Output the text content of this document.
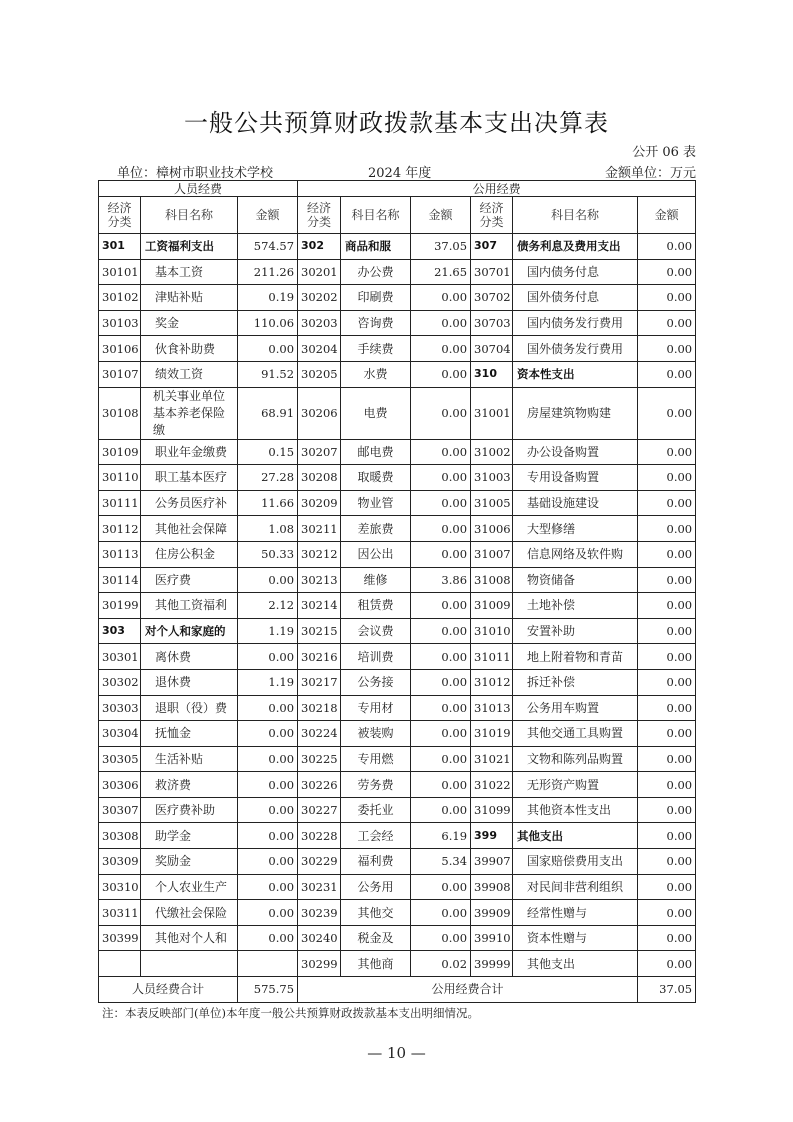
一般公共预算财政拨款基本支出决算表
公开 06 表
单位：樟树市职业技术学校	2024 年度	金额单位：万元
人员经费			公用经费					
经济
分类	科目名称	金额	经济
分类	科目名称	金额	经济
分类	科目名称	金额
301	工资福利支出	574.57	302	商品和服	37.05	307	债务利息及费用支出	0.00
30101	基本工资	211.26	30201	办公费	21.65	30701	国内债务付息	0.00
30102	津贴补贴	0.19	30202	印刷费	0.00	30702	国外债务付息	0.00
30103	奖金	110.06	30203	咨询费	0.00	30703	国内债务发行费用	0.00
30106	伙食补助费	0.00	30204	手续费	0.00	30704	国外债务发行费用	0.00
30107	绩效工资	91.52	30205	水费	0.00	310	资本性支出	0.00
30108	机关事业单位
基本养老保险缴	68.91	30206	电费	0.00	31001	房屋建筑物购建	0.00
30109	职业年金缴费	0.15	30207	邮电费	0.00	31002	办公设备购置	0.00
30110	职工基本医疗	27.28	30208	取暖费	0.00	31003	专用设备购置	0.00
30111	公务员医疗补	11.66	30209	物业管	0.00	31005	基础设施建设	0.00
30112	其他社会保障	1.08	30211	差旅费	0.00	31006	大型修缮	0.00
30113	住房公积金	50.33	30212	因公出	0.00	31007	信息网络及软件购	0.00
30114	医疗费	0.00	30213	维修	3.86	31008	物资储备	0.00
30199	其他工资福利	2.12	30214	租赁费	0.00	31009	土地补偿	0.00
303	对个人和家庭的	1.19	30215	会议费	0.00	31010	安置补助	0.00
30301	离休费	0.00	30216	培训费	0.00	31011	地上附着物和青苗	0.00
30302	退休费	1.19	30217	公务接	0.00	31012	拆迁补偿	0.00
30303	退职（役）费	0.00	30218	专用材	0.00	31013	公务用车购置	0.00
30304	抚恤金	0.00	30224	被装购	0.00	31019	其他交通工具购置	0.00
30305	生活补贴	0.00	30225	专用燃	0.00	31021	文物和陈列品购置	0.00
30306	救济费	0.00	30226	劳务费	0.00	31022	无形资产购置	0.00
30307	医疗费补助	0.00	30227	委托业	0.00	31099	其他资本性支出	0.00
30308	助学金	0.00	30228	工会经	6.19	399	其他支出	0.00
30309	奖励金	0.00	30229	福利费	5.34	39907	国家赔偿费用支出	0.00
30310	个人农业生产	0.00	30231	公务用	0.00	39908	对民间非营利组织	0.00
30311	代缴社会保险	0.00	30239	其他交	0.00	39909	经常性赠与	0.00
30399	其他对个人和	0.00	30240	税金及	0.00	39910	资本性赠与	0.00
			30299	其他商	0.02	39999	其他支出	0.00
人员经费合计		575.75	公用经费合计					37.05
注：本表反映部门(单位)本年度一般公共预算财政拨款基本支出明细情况。
— 10 —
